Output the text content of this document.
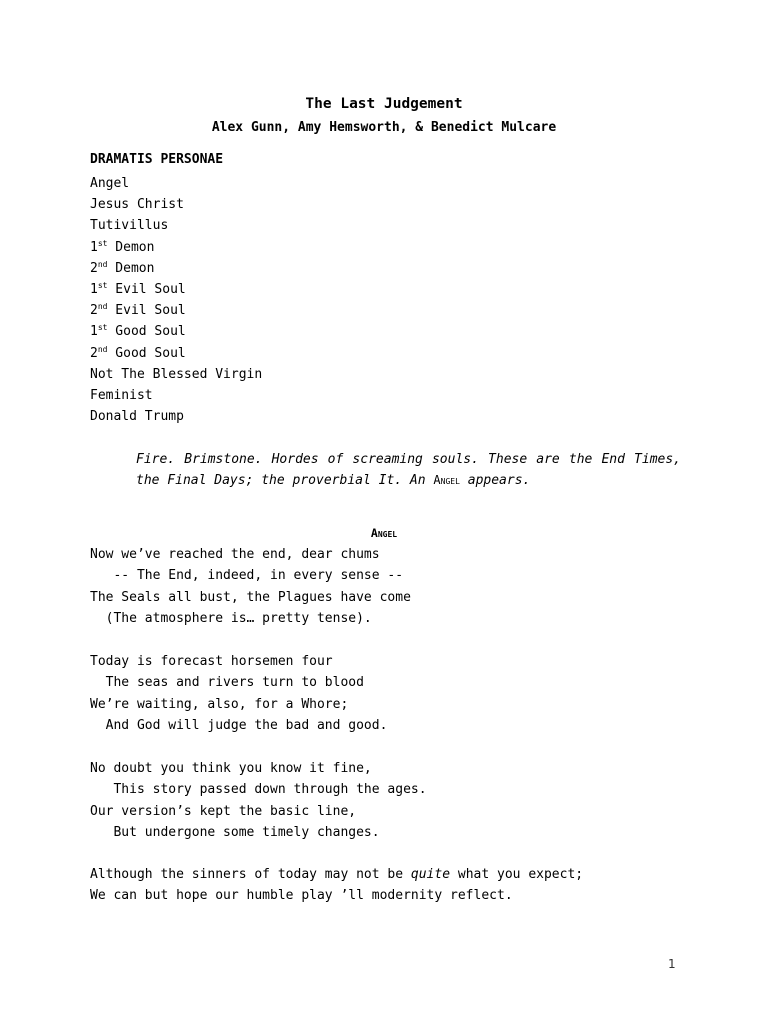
The Last Judgement
Alex Gunn, Amy Hemsworth, & Benedict Mulcare
DRAMATIS PERSONAE
Angel
Jesus Christ
Tutivillus
1st Demon
2nd Demon
1st Evil Soul
2nd Evil Soul
1st Good Soul
2nd Good Soul
Not The Blessed Virgin
Feminist
Donald Trump
Fire. Brimstone. Hordes of screaming souls. These are the End Times, the Final Days; the proverbial It. An Angel appears.
Angel
Now we’ve reached the end, dear chums
-- The End, indeed, in every sense --
The Seals all bust, the Plagues have come
(The atmosphere is… pretty tense).
Today is forecast horsemen four
The seas and rivers turn to blood
We’re waiting, also, for a Whore;
And God will judge the bad and good.
No doubt you think you know it fine,
This story passed down through the ages.
Our version’s kept the basic line,
But undergone some timely changes.
Although the sinners of today may not be quite what you expect;
We can but hope our humble play ’ll modernity reflect.
1
